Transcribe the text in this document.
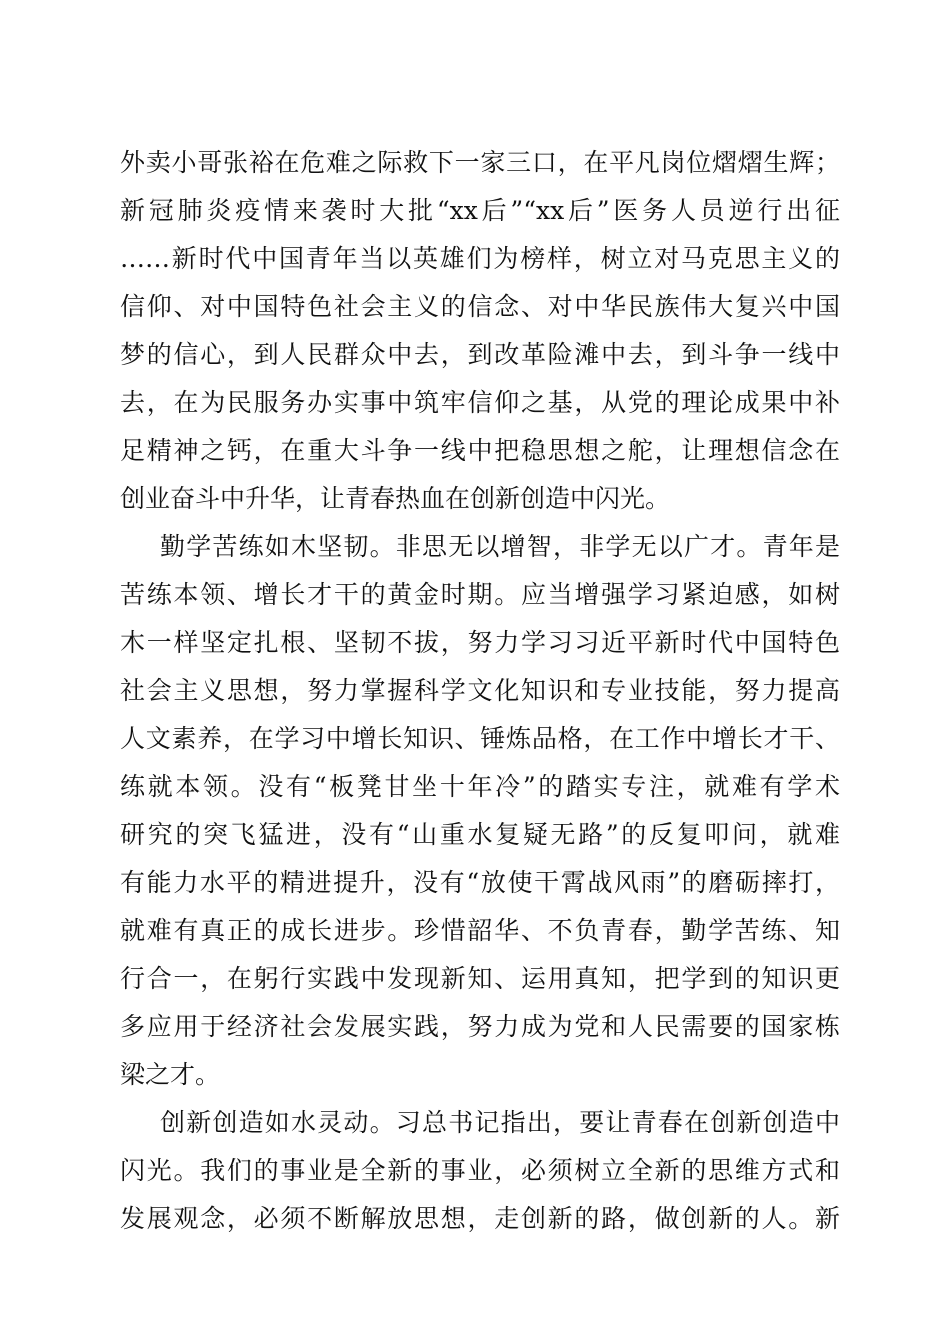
外卖小哥张裕在危难之际救下一家三口，在平凡岗位熠熠生辉；
新冠肺炎疫情来袭时大批“xx后”“xx后”医务人员逆行出征
……新时代中国青年当以英雄们为榜样，树立对马克思主义的
信仰、对中国特色社会主义的信念、对中华民族伟大复兴中国
梦的信心，到人民群众中去，到改革险滩中去，到斗争一线中
去，在为民服务办实事中筑牢信仰之基，从党的理论成果中补
足精神之钙，在重大斗争一线中把稳思想之舵，让理想信念在
创业奋斗中升华，让青春热血在创新创造中闪光。
勤学苦练如木坚韧。非思无以增智，非学无以广才。青年是
苦练本领、增长才干的黄金时期。应当增强学习紧迫感，如树
木一样坚定扎根、坚韧不拔，努力学习习近平新时代中国特色
社会主义思想，努力掌握科学文化知识和专业技能，努力提高
人文素养，在学习中增长知识、锤炼品格，在工作中增长才干、
练就本领。没有“板凳甘坐十年冷”的踏实专注，就难有学术
研究的突飞猛进，没有“山重水复疑无路”的反复叩问，就难
有能力水平的精进提升，没有“放使干霄战风雨”的磨砺摔打，
就难有真正的成长进步。珍惜韶华、不负青春，勤学苦练、知
行合一，在躬行实践中发现新知、运用真知，把学到的知识更
多应用于经济社会发展实践，努力成为党和人民需要的国家栋
梁之才。
创新创造如水灵动。习总书记指出，要让青春在创新创造中
闪光。我们的事业是全新的事业，必须树立全新的思维方式和
发展观念，必须不断解放思想，走创新的路，做创新的人。新
